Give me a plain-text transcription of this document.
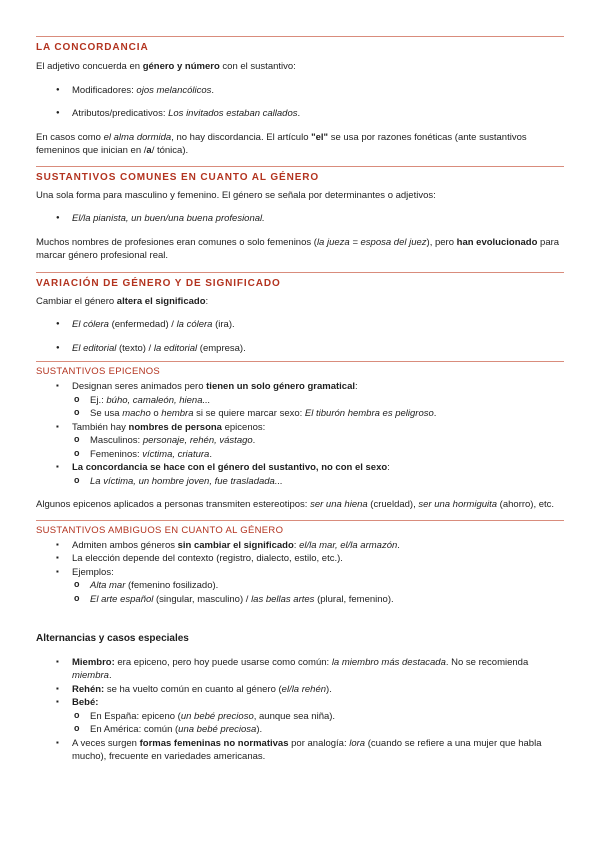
LA CONCORDANCIA

El adjetivo concuerda en género y número con el sustantivo:

● Modificadores: ojos melancólicos.
● Atributos/predicativos: Los invitados estaban callados.

En casos como el alma dormida, no hay discordancia. El artículo "el" se usa por razones fonéticas (ante sustantivos femeninos que inician en /a/ tónica).

SUSTANTIVOS COMUNES EN CUANTO AL GÉNERO

Una sola forma para masculino y femenino. El género se señala por determinantes o adjetivos:

● El/la pianista, un buen/una buena profesional.

Muchos nombres de profesiones eran comunes o solo femeninos (la jueza = esposa del juez), pero han evolucionado para marcar género profesional real.

VARIACIÓN DE GÉNERO Y DE SIGNIFICADO

Cambiar el género altera el significado:

● El cólera (enfermedad) / la cólera (ira).
● El editorial (texto) / la editorial (empresa).
SUSTANTIVOS EPICENOS
▪ Designan seres animados pero tienen un solo género gramatical:
o Ej.: búho, camaleón, hiena...
o Se usa macho o hembra si se quiere marcar sexo: El tiburón hembra es peligroso.
▪ También hay nombres de persona epicenos:
o Masculinos: personaje, rehén, vástago.
o Femeninos: víctima, criatura.
▪ La concordancia se hace con el género del sustantivo, no con el sexo:
o La víctima, un hombre joven, fue trasladada...

Algunos epicenos aplicados a personas transmiten estereotipos: ser una hiena (crueldad), ser una hormiguita (ahorro), etc.

SUSTANTIVOS AMBIGUOS EN CUANTO AL GÉNERO
▪ Admiten ambos géneros sin cambiar el significado: el/la mar, el/la armazón.
▪ La elección depende del contexto (registro, dialecto, estilo, etc.).
▪ Ejemplos:
o Alta mar (femenino fosilizado).
o El arte español (singular, masculino) / las bellas artes (plural, femenino).
Alternancias y casos especiales
▪ Miembro: era epiceno, pero hoy puede usarse como común: la miembro más destacada. No se recomienda miembra.
▪ Rehén: se ha vuelto común en cuanto al género (el/la rehén).
▪ Bebé:
o En España: epiceno (un bebé precioso, aunque sea niña).
o En América: común (una bebé preciosa).
▪ A veces surgen formas femeninas no normativas por analogía: lora (cuando se refiere a una mujer que habla mucho), frecuente en variedades americanas.
